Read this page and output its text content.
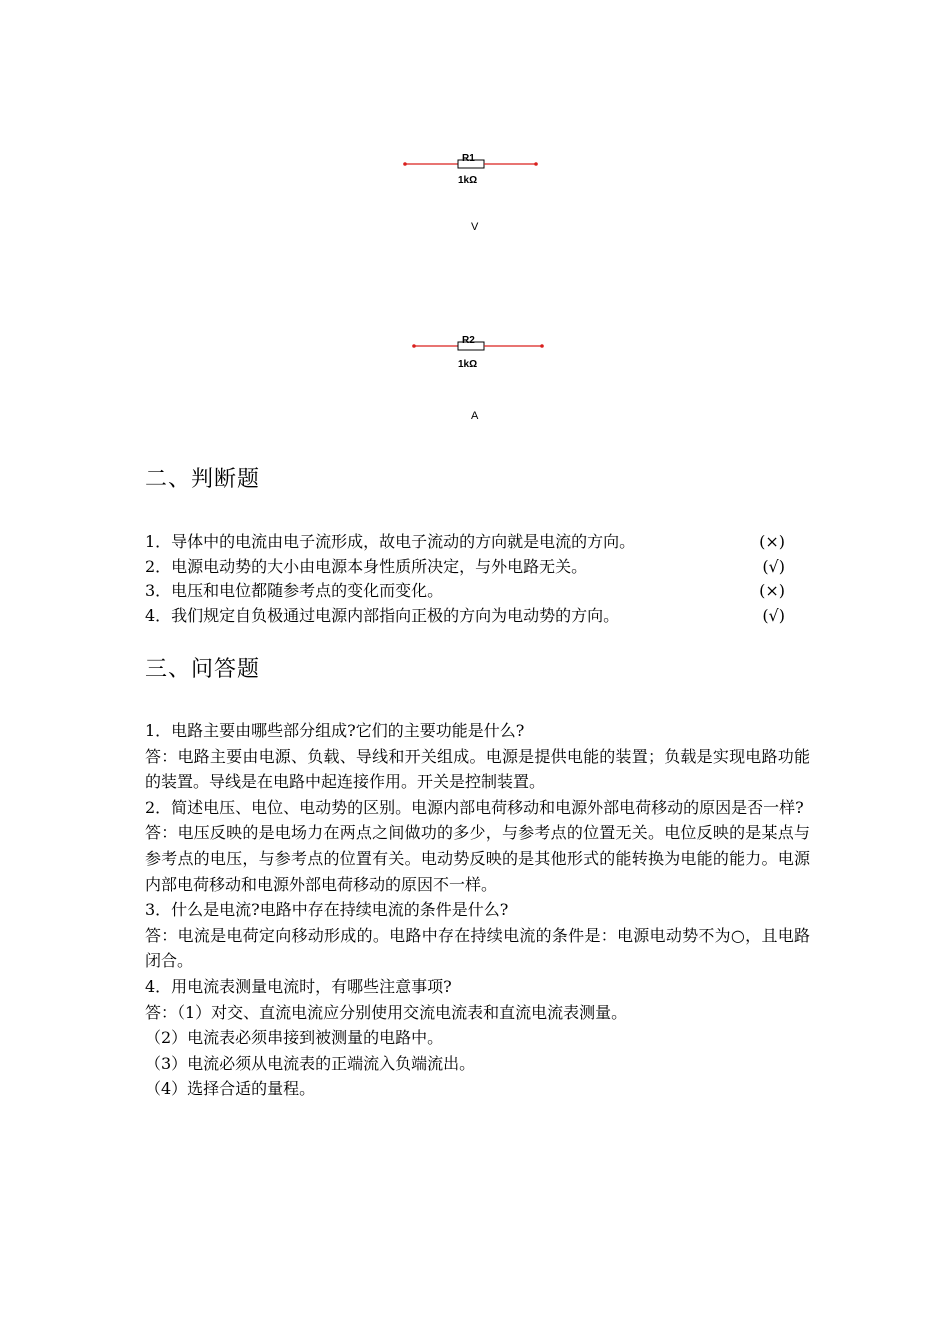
R1
1kΩ
V
R2
1kΩ
A
二、判断题
1．导体中的电流由电子流形成，故电子流动的方向就是电流的方向。	(×)
2．电源电动势的大小由电源本身性质所决定，与外电路无关。	(√)
3．电压和电位都随参考点的变化而变化。	(×)
4．我们规定自负极通过电源内部指向正极的方向为电动势的方向。	(√)
三、问答题

1．电路主要由哪些部分组成?它们的主要功能是什么?

答：电路主要由电源、负载、导线和开关组成。电源是提供电能的装置；负载是实现电路功能的装置。导线是在电路中起连接作用。开关是控制装置。

2．简述电压、电位、电动势的区别。电源内部电荷移动和电源外部电荷移动的原因是否一样?

答：电压反映的是电场力在两点之间做功的多少，与参考点的位置无关。电位反映的是某点与参考点的电压，与参考点的位置有关。电动势反映的是其他形式的能转换为电能的能力。电源内部电荷移动和电源外部电荷移动的原因不一样。

3．什么是电流?电路中存在持续电流的条件是什么?

答：电流是电荷定向移动形成的。电路中存在持续电流的条件是：电源电动势不为○，且电路闭合。

4．用电流表测量电流时，有哪些注意事项?

答：（1）对交、直流电流应分别使用交流电流表和直流电流表测量。

（2）电流表必须串接到被测量的电路中。

（3）电流必须从电流表的正端流入负端流出。

（4）选择合适的量程。
